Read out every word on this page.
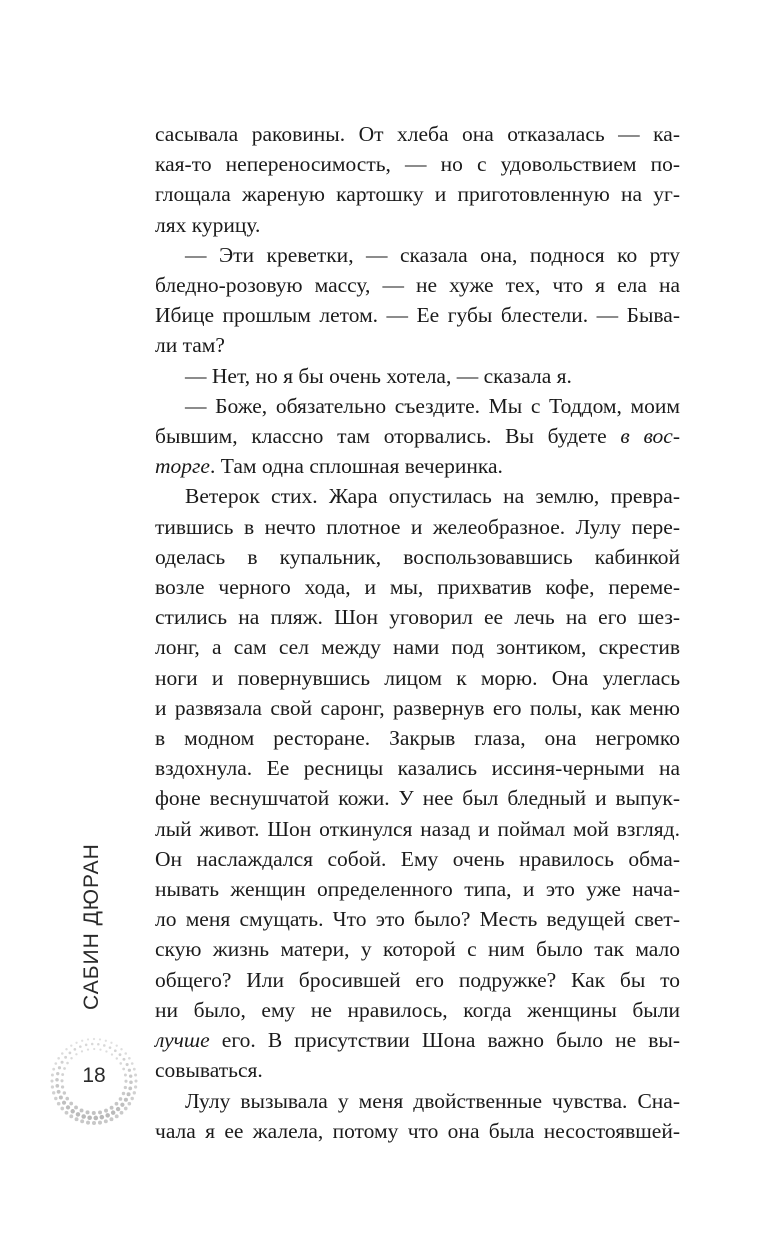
сасывала раковины. От хлеба она отказалась — ка-
кая-то непереносимость, — но с удовольствием по-
глощала жареную картошку и приготовленную на уг-
лях курицу.
— Эти креветки, — сказала она, поднося ко рту
бледно-розовую массу, — не хуже тех, что я ела на
Ибице прошлым летом. — Ее губы блестели. — Быва-
ли там?
— Нет, но я бы очень хотела, — сказала я.
— Боже, обязательно съездите. Мы с Тоддом, моим
бывшим, классно там оторвались. Вы будете в вос-
торге. Там одна сплошная вечеринка.
Ветерок стих. Жара опустилась на землю, превра-
тившись в нечто плотное и желеобразное. Лулу пере-
оделась в купальник, воспользовавшись кабинкой
возле черного хода, и мы, прихватив кофе, переме-
стились на пляж. Шон уговорил ее лечь на его шез-
лонг, а сам сел между нами под зонтиком, скрестив
ноги и повернувшись лицом к морю. Она улеглась
и развязала свой саронг, развернув его полы, как меню
в модном ресторане. Закрыв глаза, она негромко
вздохнула. Ее ресницы казались иссиня-черными на
фоне веснушчатой кожи. У нее был бледный и выпук-
лый живот. Шон откинулся назад и поймал мой взгляд.
Он наслаждался собой. Ему очень нравилось обма-
нывать женщин определенного типа, и это уже нача-
ло меня смущать. Что это было? Месть ведущей свет-
скую жизнь матери, у которой с ним было так мало
общего? Или бросившей его подружке? Как бы то
ни было, ему не нравилось, когда женщины были
лучше его. В присутствии Шона важно было не вы-
совываться.
Лулу вызывала у меня двойственные чувства. Сна-
чала я ее жалела, потому что она была несостоявшей-
САБИН ДЮРАН
18
